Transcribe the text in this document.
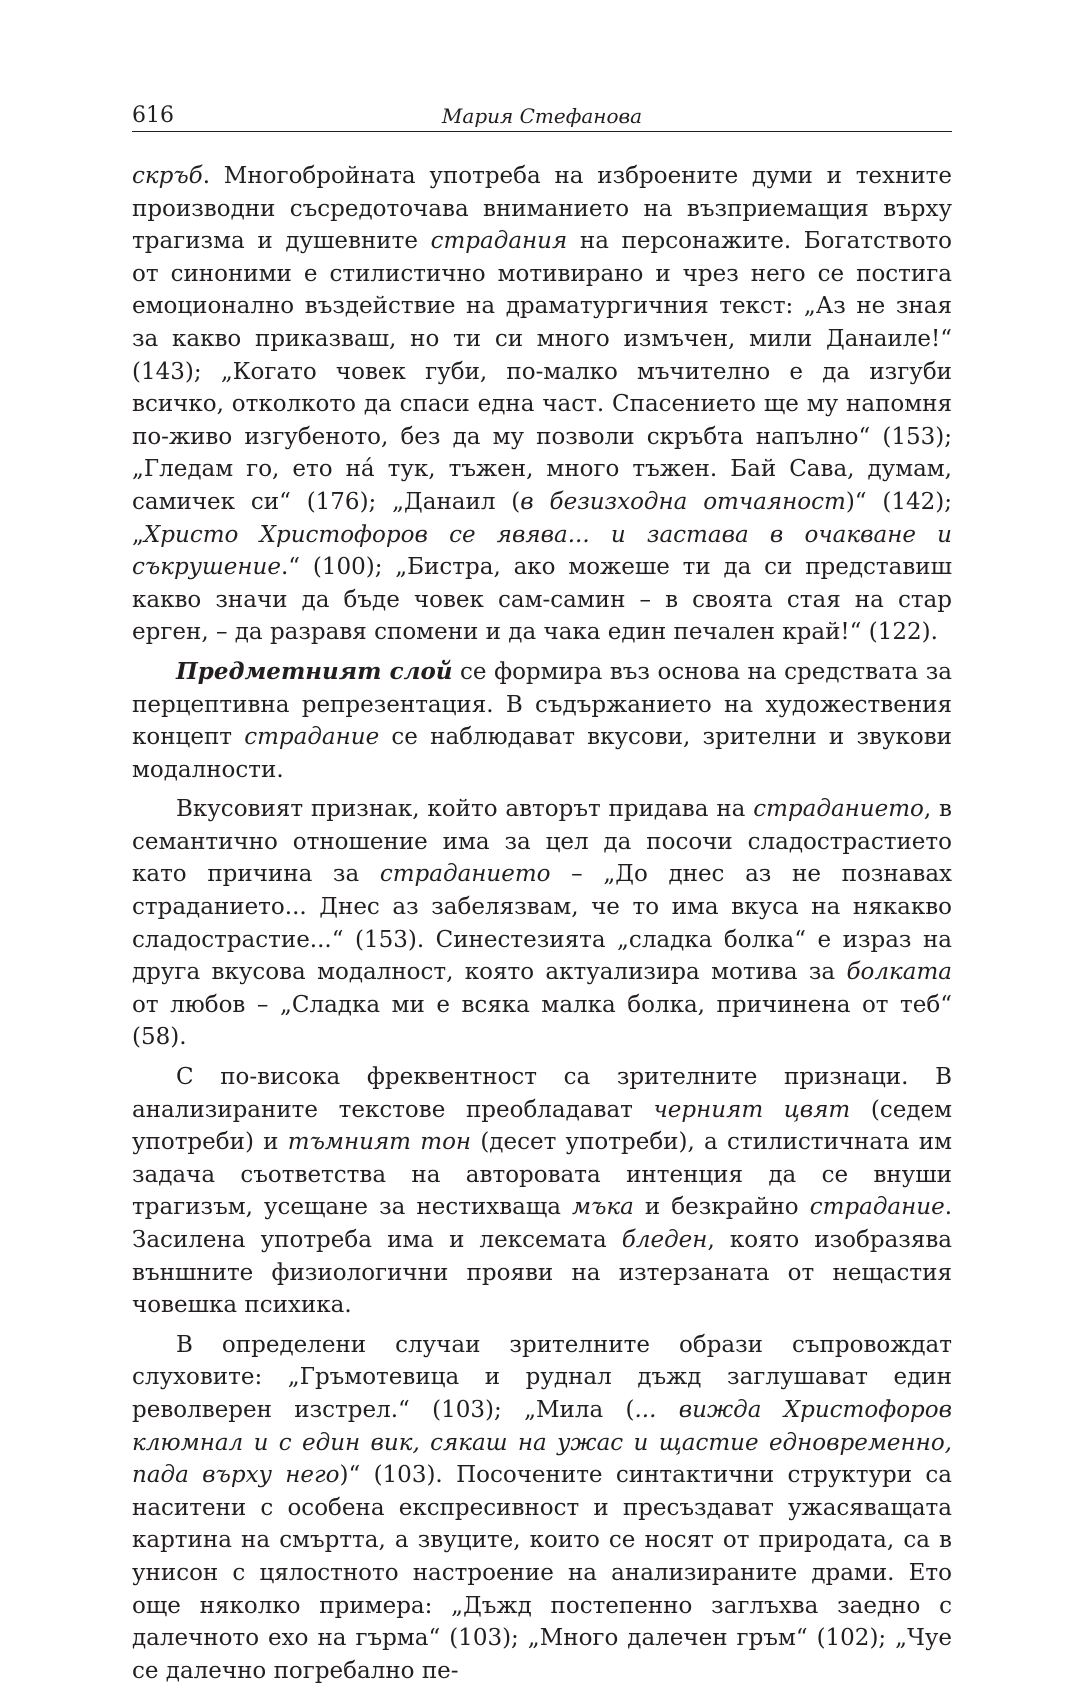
616	Мария Стефанова

скръб. Многобройната употреба на изброените думи и техните производни съсредоточава вниманието на възприемащия върху трагизма и душевните страдания на персонажите. Богатството от синоними е стилистично мотивирано и чрез него се постига емоционално въздействие на драматургичния текст: „Аз не зная за какво приказваш, но ти си много измъчен, мили Данаиле!“ (143); „Когато човек губи, по-малко мъчително е да изгуби всичко, отколкото да спаси една част. Спасението ще му напомня по-живо изгубеното, без да му позволи скръбта напълно“ (153); „Гледам го, ето на́ тук, тъжен, много тъжен. Бай Сава, думам, самичек си“ (176); „Данаил (в безизходна отчаяност)“ (142); „Христо Христофоров се явява... и застава в очакване и съкрушение.“ (100); „Бистра, ако можеше ти да си представиш какво значи да бъде човек сам-самин – в своята стая на стар ерген, – да разравя спомени и да чака един печален край!“ (122).

Предметният слой се формира въз основа на средствата за перцептивна репрезентация. В съдържанието на художествения концепт страдание се наблюдават вкусови, зрителни и звукови модалности.

Вкусовият признак, който авторът придава на страданието, в семантично отношение има за цел да посочи сладострастието като причина за страданието – „До днес аз не познавах страданието... Днес аз забелязвам, че то има вкуса на някакво сладострастие...“ (153). Синестезията „сладка болка“ е израз на друга вкусова модалност, която актуализира мотива за болката от любов – „Сладка ми е всяка малка болка, причинена от теб“ (58).

С по-висока фреквентност са зрителните признаци. В анализираните текстове преобладават черният цвят (седем употреби) и тъмният тон (десет употреби), а стилистичната им задача съответства на авторовата интенция да се внуши трагизъм, усещане за нестихваща мъка и безкрайно страдание. Засилена употреба има и лексемата бледен, която изобразява външните физиологични прояви на изтерзаната от нещастия човешка психика.

В определени случаи зрителните образи съпровождат слуховите: „Гръмотевица и руднал дъжд заглушават един револверен изстрел.“ (103); „Мила (... вижда Христофоров клюмнал и с един вик, сякаш на ужас и щастие едновременно, пада върху него)“ (103). Посочените синтактични структури са наситени с особена експресивност и пресъздават ужасяващата картина на смъртта, а звуците, които се носят от природата, са в унисон с цялостното настроение на анализираните драми. Ето още няколко примера: „Дъжд постепенно заглъхва заедно с далечното ехо на гърма“ (103); „Много далечен гръм“ (102); „Чуе се далечно погребално пе-
